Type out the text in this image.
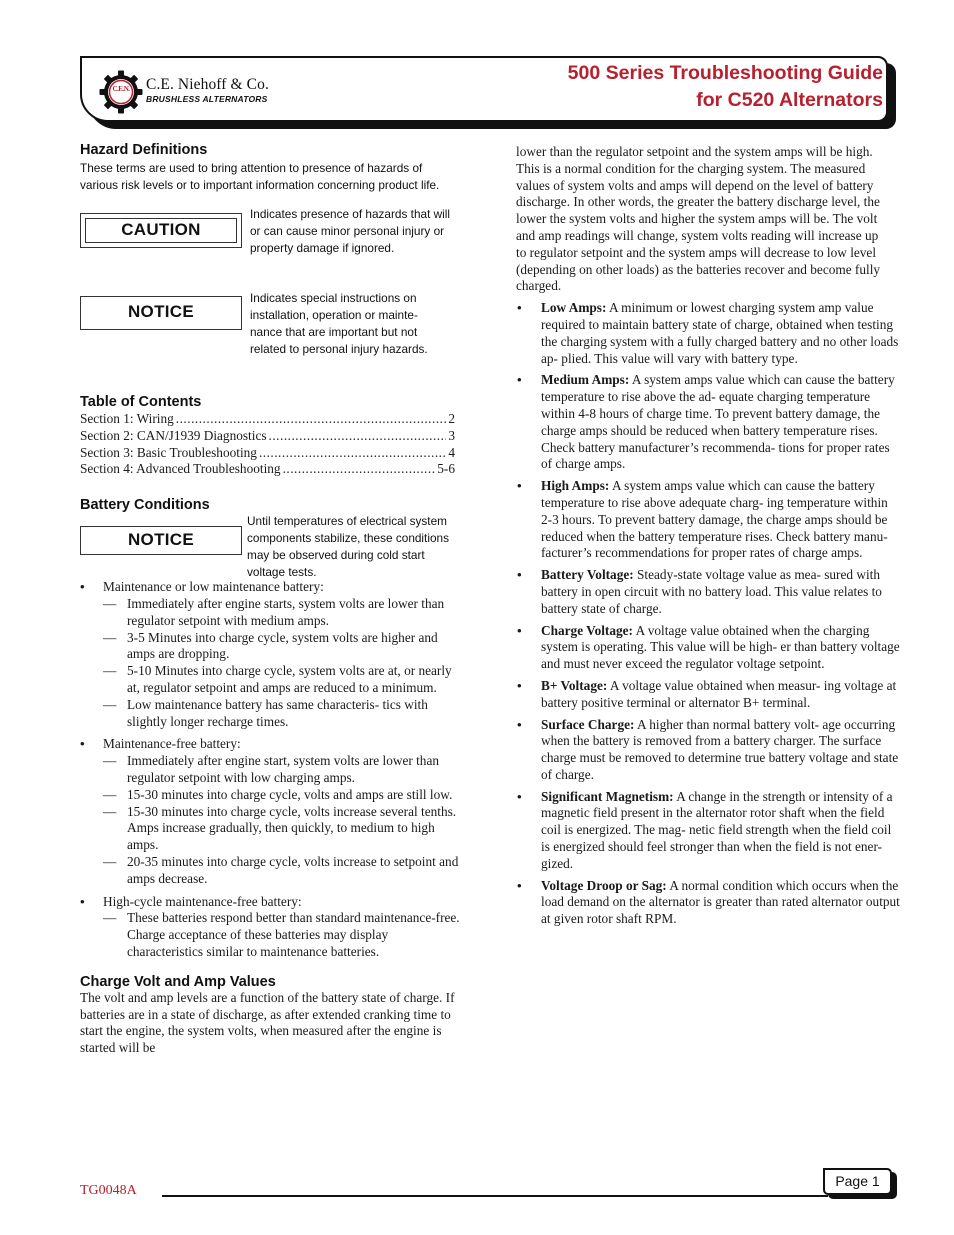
C.E.N. C.E. Niehoff & Co.
BRUSHLESS ALTERNATORS
500 Series Troubleshooting Guide
for C520 Alternators
Hazard Definitions
These terms are used to bring attention to presence of hazards of various risk levels or to important information concerning product life.
CAUTION
Indicates presence of hazards that will or can cause minor personal injury or property damage if ignored.
NOTICE
Indicates special instructions on installation, operation or mainte- nance that are important but not related to personal injury hazards.
Table of Contents
Section 1: Wiring .....	2
Section 2: CAN/J1939 Diagnostics .....	3
Section 3: Basic Troubleshooting .....	4
Section 4: Advanced Troubleshooting .....	5-6
Battery Conditions
NOTICE
Until temperatures of electrical system components stabilize, these conditions may be observed during cold start voltage tests.
• Maintenance or low maintenance battery:
— Immediately after engine starts, system volts are lower than regulator setpoint with medium amps.
— 3-5 Minutes into charge cycle, system volts are higher and amps are dropping.
— 5-10 Minutes into charge cycle, system volts are at, or nearly at, regulator setpoint and amps are reduced to a minimum.
— Low maintenance battery has same characteris- tics with slightly longer recharge times.
• Maintenance-free battery:
— Immediately after engine start, system volts are lower than regulator setpoint with low charging amps.
— 15-30 minutes into charge cycle, volts and amps are still low.
— 15-30 minutes into charge cycle, volts increase several tenths. Amps increase gradually, then quickly, to medium to high amps.
— 20-35 minutes into charge cycle, volts increase to setpoint and amps decrease.
• High-cycle maintenance-free battery:
— These batteries respond better than standard maintenance-free. Charge acceptance of these batteries may display characteristics similar to maintenance batteries.
Charge Volt and Amp Values
The volt and amp levels are a function of the battery state of charge. If batteries are in a state of discharge, as after extended cranking time to start the engine, the system volts, when measured after the engine is started will be
lower than the regulator setpoint and the system amps will be high. This is a normal condition for the charging system. The measured values of system volts and amps will depend on the level of battery discharge. In other words, the greater the battery discharge level, the lower the system volts and higher the system amps will be. The volt and amp readings will change, system volts reading will increase up to regulator setpoint and the system amps will decrease to low level (depending on other loads) as the batteries recover and become fully charged.
• Low Amps: A minimum or lowest charging system amp value required to maintain battery state of charge, obtained when testing the charging system with a fully charged battery and no other loads ap- plied. This value will vary with battery type.
• Medium Amps: A system amps value which can cause the battery temperature to rise above the ad- equate charging temperature within 4-8 hours of charge time. To prevent battery damage, the charge amps should be reduced when battery temperature rises. Check battery manufacturer’s recommenda- tions for proper rates of charge amps.
• High Amps: A system amps value which can cause the battery temperature to rise above adequate charg- ing temperature within 2-3 hours. To prevent battery damage, the charge amps should be reduced when the battery temperature rises. Check battery manu- facturer’s recommendations for proper rates of charge amps.
• Battery Voltage: Steady-state voltage value as mea- sured with battery in open circuit with no battery load. This value relates to battery state of charge.
• Charge Voltage: A voltage value obtained when the charging system is operating. This value will be high- er than battery voltage and must never exceed the regulator voltage setpoint.
• B+ Voltage: A voltage value obtained when measur- ing voltage at battery positive terminal or alternator B+ terminal.
• Surface Charge: A higher than normal battery volt- age occurring when the battery is removed from a battery charger. The surface charge must be removed to determine true battery voltage and state of charge.
• Significant Magnetism: A change in the strength or intensity of a magnetic field present in the alternator rotor shaft when the field coil is energized. The mag- netic field strength when the field coil is energized should feel stronger than when the field is not ener- gized.
• Voltage Droop or Sag: A normal condition which occurs when the load demand on the alternator is greater than rated alternator output at given rotor shaft RPM.
TG0048A
Page 1
